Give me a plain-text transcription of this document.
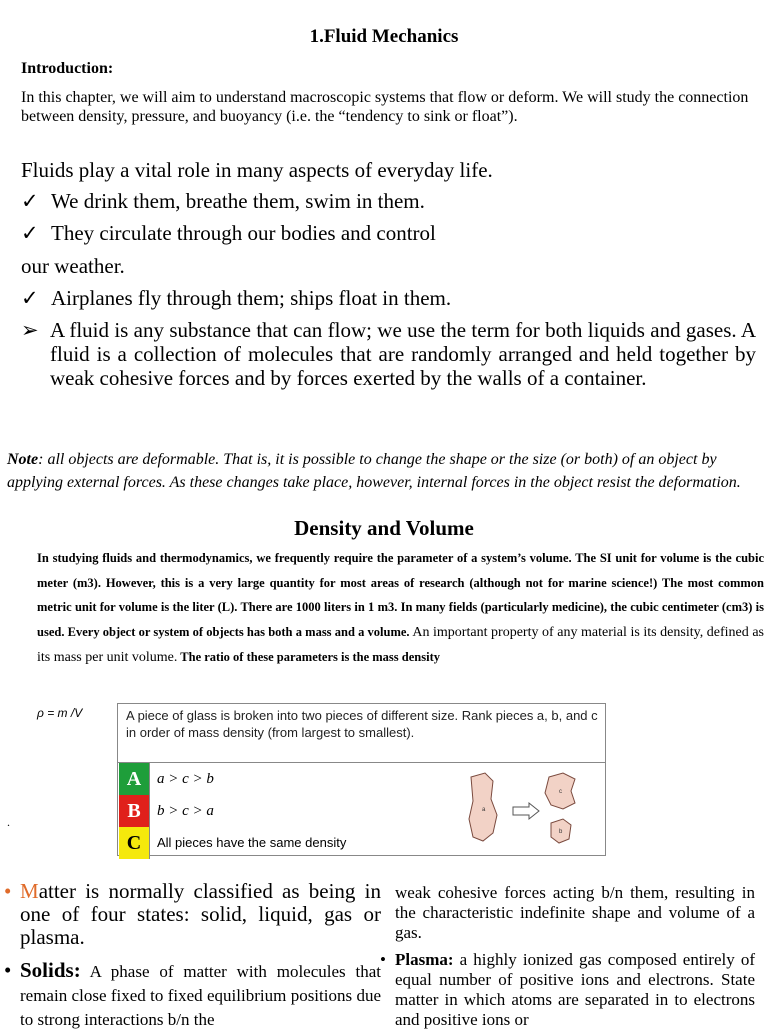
1.Fluid Mechanics
Introduction:
In this chapter, we will aim to understand macroscopic systems that flow or deform. We will study the connection between density, pressure, and buoyancy (i.e. the “tendency to sink or float”).
Fluids play a vital role in many aspects of everyday life.
✓ We drink them, breathe them, swim in them.
✓ They circulate through our bodies and control
our weather.
✓ Airplanes fly through them; ships float in them.
➢ A fluid is any substance that can flow; we use the term for both liquids and gases. A fluid is a collection of molecules that are randomly arranged and held together by weak cohesive forces and by forces exerted by the walls of a container.
Note: all objects are deformable. That is, it is possible to change the shape or the size (or both) of an object by applying external forces. As these changes take place, however, internal forces in the object resist the deformation.
Density and Volume
In studying fluids and thermodynamics, we frequently require the parameter of a system’s volume. The SI unit for volume is the cubic meter (m3). However, this is a very large quantity for most areas of research (although not for marine science!) The most common metric unit for volume is the liter (L). There are 1000 liters in 1 m3. In many fields (particularly medicine), the cubic centimeter (cm3) is used. Every object or system of objects has both a mass and a volume. An important property of any material is its density, defined as its mass per unit volume. The ratio of these parameters is the mass density
ρ = m /V	A piece of glass is broken into two pieces of different size. Rank pieces a, b, and c in order of mass density (from largest to smallest).
A	a > c > b
B	b > c > a
C	All pieces have the same density
a
c
b
.
• Matter is normally classified as being in one of four states: solid, liquid, gas or plasma.
• Solids: A phase of matter with molecules that remain close fixed to fixed equilibrium positions due to strong interactions b/n the
weak cohesive forces acting b/n them, resulting in the characteristic indefinite shape and volume of a gas.
• Plasma: a highly ionized gas composed entirely of equal number of positive ions and electrons. State matter in which atoms are separated in to electrons and positive ions or
